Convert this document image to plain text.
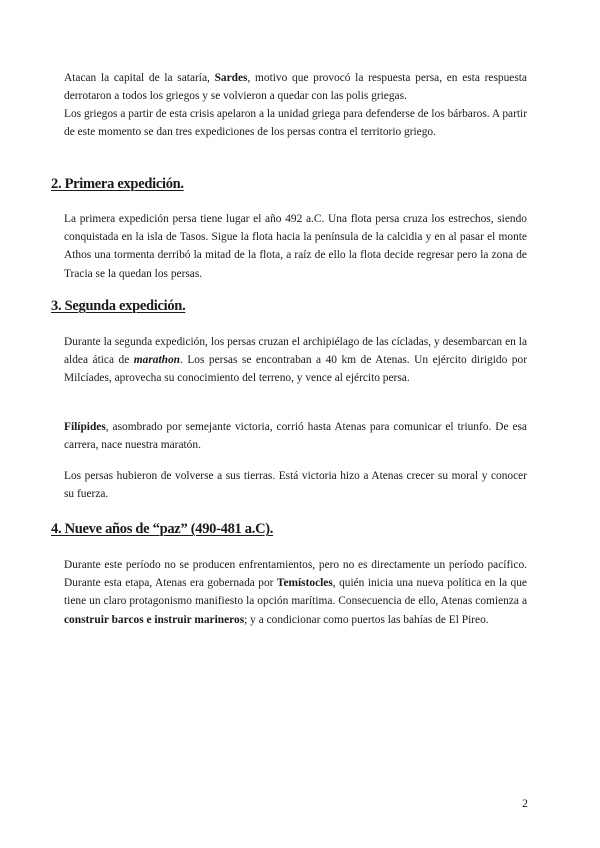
Atacan la capital de la sataría, Sardes, motivo que provocó la respuesta persa, en esta respuesta derrotaron a todos los griegos y se volvieron a quedar con las polis griegas.

Los griegos a partir de esta crisis apelaron a la unidad griega para defenderse de los bárbaros. A partir de este momento se dan tres expediciones de los persas contra el territorio griego.

2. Primera expedición.

La primera expedición persa tiene lugar el año 492 a.C. Una flota persa cruza los estrechos, siendo conquistada en la isla de Tasos. Sigue la flota hacia la península de la calcidia y en al pasar el monte Athos una tormenta derribó la mitad de la flota, a raíz de ello la flota decide regresar pero la zona de Tracia se la quedan los persas.

3. Segunda expedición.

Durante la segunda expedición, los persas cruzan el archipiélago de las cícladas, y desembarcan en la aldea ática de marathon. Los persas se encontraban a 40 km de Atenas. Un ejército dirigido por Milcíades, aprovecha su conocimiento del terreno, y vence al ejército persa.

Filípides, asombrado por semejante victoria, corrió hasta Atenas para comunicar el triunfo. De esa carrera, nace nuestra maratón.

Los persas hubieron de volverse a sus tierras. Está victoria hizo a Atenas crecer su moral y conocer su fuerza.

4. Nueve años de “paz” (490-481 a.C).

Durante este período no se producen enfrentamientos, pero no es directamente un período pacífico. Durante esta etapa, Atenas era gobernada por Temístocles, quién inicia una nueva política en la que tiene un claro protagonismo manifiesto la opción marítima. Consecuencia de ello, Atenas comienza a construir barcos e instruir marineros; y a condicionar como puertos las bahías de El Pireo.

2
